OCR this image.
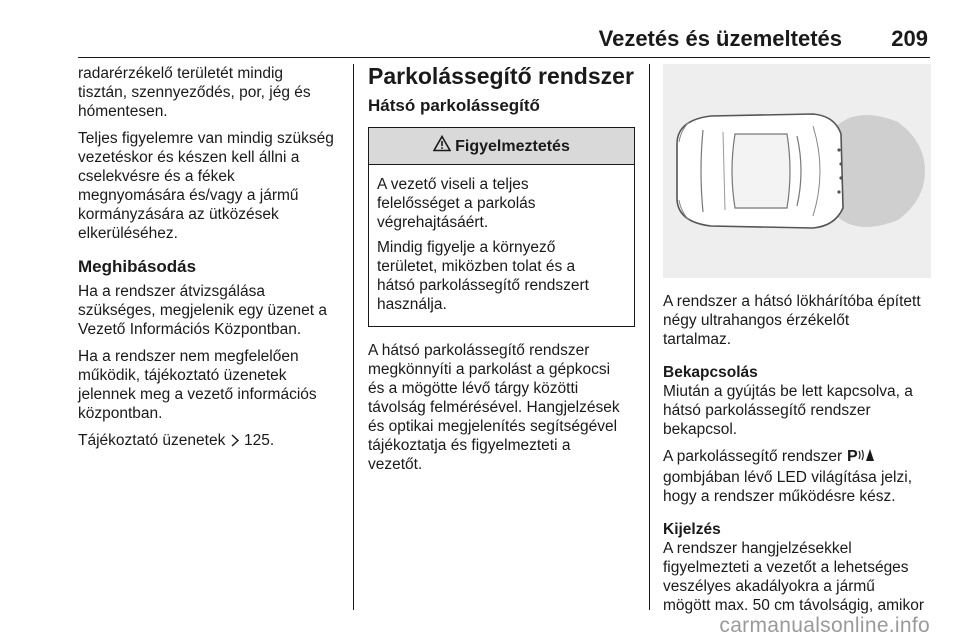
Vezetés és üzemeltetés 209

radarérzékelő területét mindig
tisztán, szennyeződés, por, jég és
hómentesen.

Teljes figyelemre van mindig szükség
vezetéskor és készen kell állni a
cselekvésre és a fékek
megnyomására és/vagy a jármű
kormányzására az ütközések
elkerüléséhez.

Meghibásodás

Ha a rendszer átvizsgálása
szükséges, megjelenik egy üzenet a
Vezető Információs Központban.

Ha a rendszer nem megfelelően
működik, tájékoztató üzenetek
jelennek meg a vezető információs
központban.

Tájékoztató üzenetek 125.

Parkolássegítő rendszer
Hátsó parkolássegítő
Figyelmeztetés

A vezető viseli a teljes
felelősséget a parkolás
végrehajtásáért.

Mindig figyelje a környező
területet, miközben tolat és a
hátsó parkolássegítő rendszert
használja.

A hátsó parkolássegítő rendszer
megkönnyíti a parkolást a gépkocsi
és a mögötte lévő tárgy közötti
távolság felmérésével. Hangjelzések
és optikai megjelenítés segítségével
tájékoztatja és figyelmezteti a
vezetőt.

A rendszer a hátsó lökhárítóba épített
négy ultrahangos érzékelőt
tartalmaz.

Bekapcsolás

Miután a gyújtás be lett kapcsolva, a
hátsó parkolássegítő rendszer
bekapcsol.

A parkolássegítő rendszer P
gombjában lévő LED világítása jelzi,
hogy a rendszer működésre kész.

Kijelzés

A rendszer hangjelzésekkel
figyelmezteti a vezetőt a lehetséges
veszélyes akadályokra a jármű
mögött max. 50 cm távolságig, amikor

carmanualsonline.info
